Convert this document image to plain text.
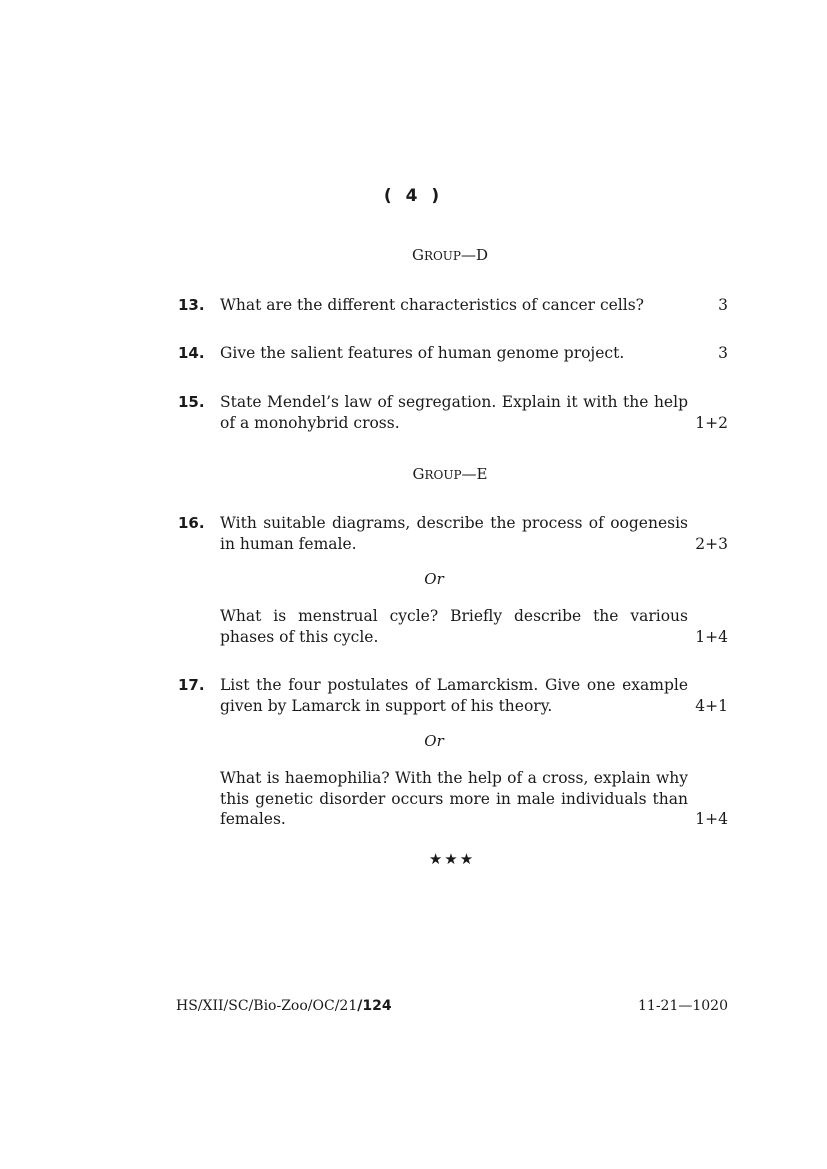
( 4 )
GROUP—D
13. What are the different characteristics of cancer cells?	3
14. Give the salient features of human genome project.	3
15. State Mendel’s law of segregation. Explain it with the help of a monohybrid cross.	1+2
GROUP—E
16. With suitable diagrams, describe the process of oogenesis in human female.	2+3
Or
What is menstrual cycle? Briefly describe the various phases of this cycle.	1+4
17. List the four postulates of Lamarckism. Give one example given by Lamarck in support of his theory.	4+1
Or
What is haemophilia? With the help of a cross, explain why this genetic disorder occurs more in male individuals than females.	1+4
★★★
HS/XII/SC/Bio-Zoo/OC/21/124	11-21—1020
